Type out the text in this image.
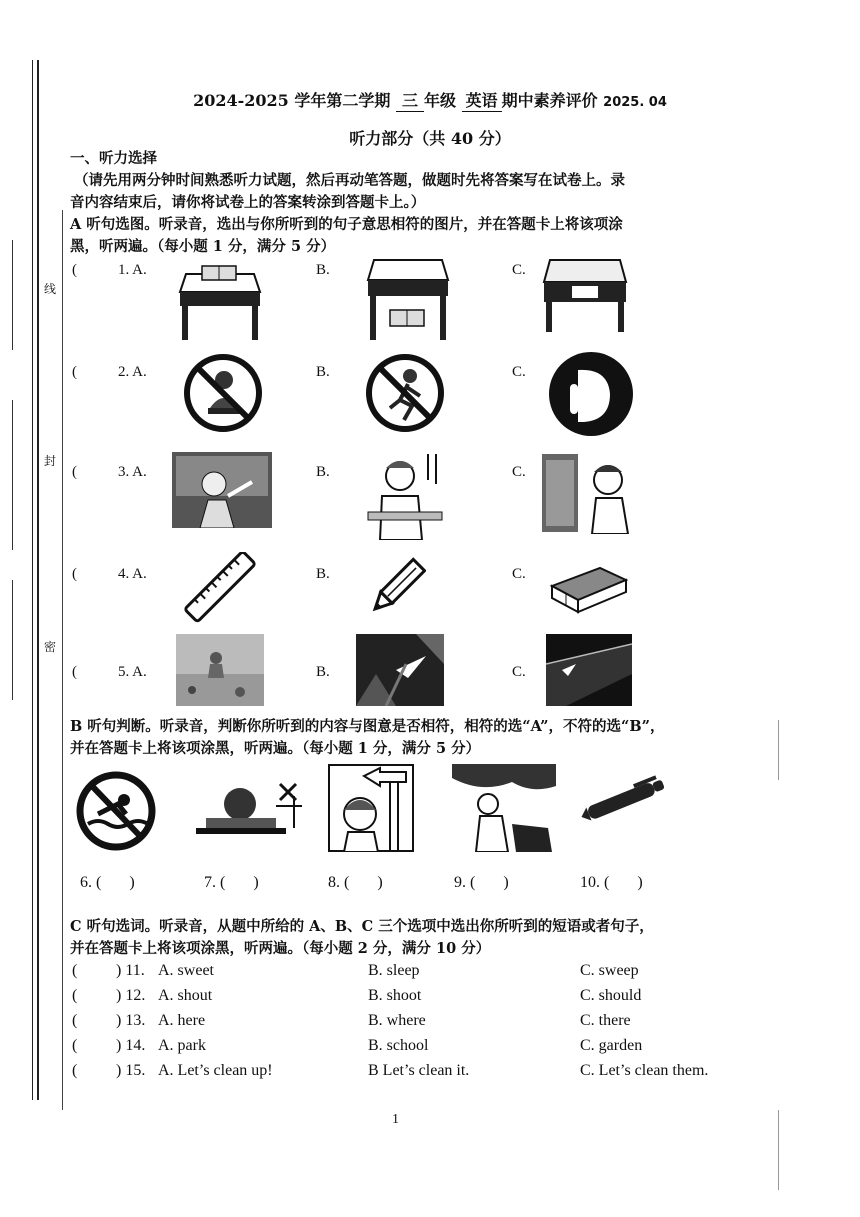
线
封
密
2024-2025 学年第二学期 三 年级 英语 期中素养评价 2025. 04
听力部分（共 40 分）
一、听力选择
（请先用两分钟时间熟悉听力试题，然后再动笔答题，做题时先将答案写在试卷上。录
音内容结束后，请你将试卷上的答案转涂到答题卡上。）
A 听句选图。听录音，选出与你所听到的句子意思相符的图片，并在答题卡上将该项涂
黑，听两遍。（每小题 1 分，满分 5 分）
(	1. A.	B.	C.
(	2. A.	B.	C.
(	3. A.	B.	C.
(	4. A.	B.	C.
(	5. A.	B.	C.
B 听句判断。听录音，判断你所听到的内容与图意是否相符，相符的选“A”，不符的选“B”，
并在答题卡上将该项涂黑，听两遍。（每小题 1 分，满分 5 分）
6. ( )	7. ( )	8. ( )	9. ( )	10. ( )
C 听句选词。听录音，从题中所给的 A、B、C 三个选项中选出你所听到的短语或者句子，
并在答题卡上将该项涂黑，听两遍。（每小题 2 分，满分 10 分）
( ) 11. A. sweet	B. sleep	C. sweep
( ) 12. A. shout	B. shoot	C. should
( ) 13. A. here	B. where	C. there
( ) 14. A. park	B. school	C. garden
( ) 15. A. Let’s clean up!	B Let’s clean it.	C. Let’s clean them.
1
